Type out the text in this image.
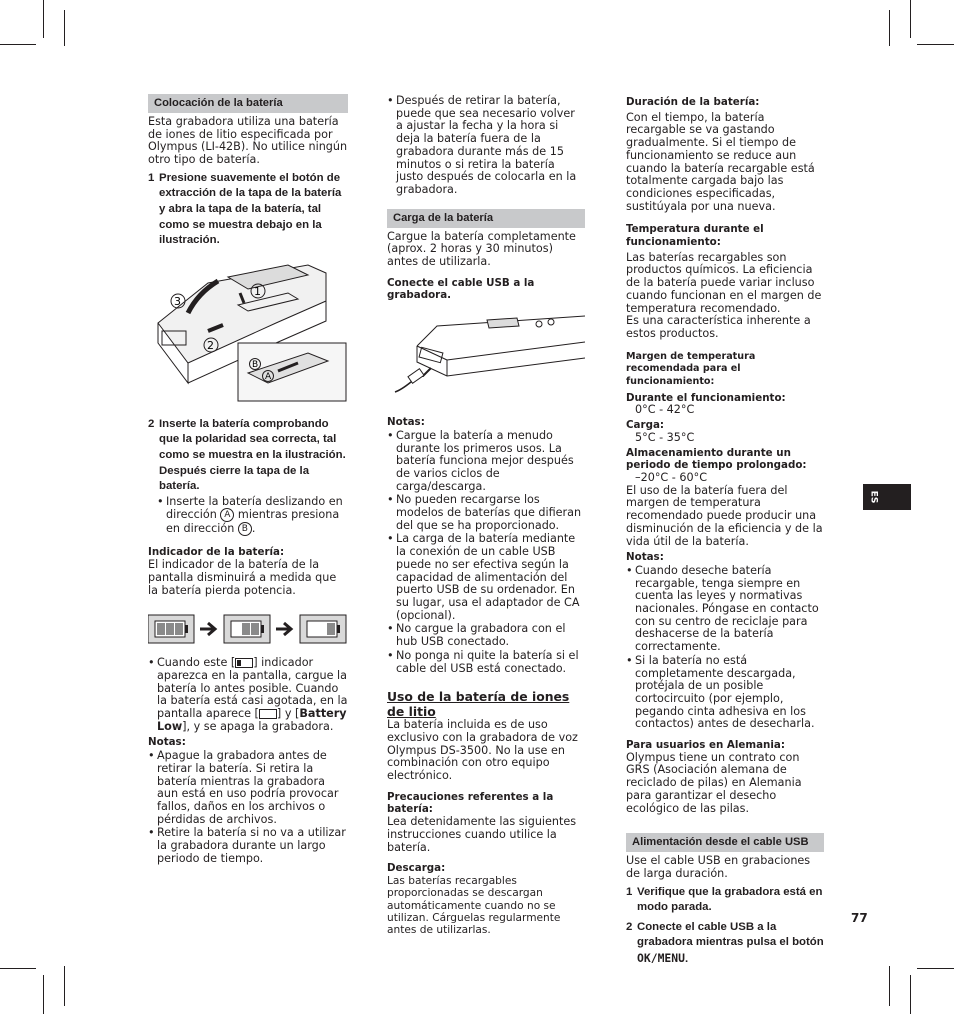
Colocación de la batería

Esta grabadora utiliza una batería de iones de litio especificada por Olympus (LI-42B). No utilice ningún otro tipo de batería.

1 Presione suavemente el botón de extracción de la tapa de la batería y abra la tapa de la batería, tal como se muestra debajo en la ilustración.
3
1
2
B
A
2 Inserte la batería comprobando que la polaridad sea correcta, tal como se muestra en la ilustración. Después cierre la tapa de la batería.
• Inserte la batería deslizando en dirección A mientras presiona en dirección B .
Indicador de la batería:

El indicador de la batería de la pantalla disminuirá a medida que la batería pierda potencia.

• Cuando este [ ] indicador aparezca en la pantalla, cargue la batería lo antes posible. Cuando la batería está casi agotada, en la pantalla aparece [ ] y [Battery Low], y se apaga la grabadora.
Notas:
• Apague la grabadora antes de retirar la batería. Si retira la batería mientras la grabadora aun está en uso podría provocar fallos, daños en los archivos o pérdidas de archivos.
• Retire la batería si no va a utilizar la grabadora durante un largo periodo de tiempo.
• Después de retirar la batería, puede que sea necesario volver a ajustar la fecha y la hora si deja la batería fuera de la grabadora durante más de 15 minutos o si retira la batería justo después de colocarla en la grabadora.
Carga de la batería

Cargue la batería completamente (aprox. 2 horas y 30 minutos) antes de utilizarla.

Conecte el cable USB a la grabadora.
Notas:
• Cargue la batería a menudo durante los primeros usos. La batería funciona mejor después de varios ciclos de carga/descarga.
• No pueden recargarse los modelos de baterías que difieran del que se ha proporcionado.
• La carga de la batería mediante la conexión de un cable USB puede no ser efectiva según la capacidad de alimentación del puerto USB de su ordenador. En su lugar, usa el adaptador de CA (opcional).
• No cargue la grabadora con el hub USB conectado.
• No ponga ni quite la batería si el cable del USB está conectado.
Uso de la batería de iones de litio

La batería incluida es de uso exclusivo con la grabadora de voz Olympus DS-3500. No la use en combinación con otro equipo electrónico.

Precauciones referentes a la batería:

Lea detenidamente las siguientes instrucciones cuando utilice la batería.

Descarga:

Las baterías recargables proporcionadas se descargan automáticamente cuando no se utilizan. Cárguelas regularmente antes de utilizarlas.

Duración de la batería:

Con el tiempo, la batería recargable se va gastando gradualmente. Si el tiempo de funcionamiento se reduce aun cuando la batería recargable está totalmente cargada bajo las condiciones especificadas, sustitúyala por una nueva.

Temperatura durante el funcionamiento:

Las baterías recargables son productos químicos. La eficiencia de la batería puede variar incluso cuando funcionan en el margen de temperatura recomendado.

Es una característica inherente a estos productos.

Margen de temperatura recomendada para el funcionamiento:
Durante el funcionamiento:

0°C - 42°C

Carga:

5°C - 35°C

Almacenamiento durante un periodo de tiempo prolongado:

–20°C - 60°C

El uso de la batería fuera del margen de temperatura recomendado puede producir una disminución de la eficiencia y de la vida útil de la batería.

Notas:
• Cuando deseche batería recargable, tenga siempre en cuenta las leyes y normativas nacionales. Póngase en contacto con su centro de reciclaje para deshacerse de la batería correctamente.
• Si la batería no está completamente descargada, protéjala de un posible cortocircuito (por ejemplo, pegando cinta adhesiva en los contactos) antes de desecharla.
Para usuarios en Alemania:

Olympus tiene un contrato con GRS (Asociación alemana de reciclado de pilas) en Alemania para garantizar el desecho ecológico de las pilas.

Alimentación desde el cable USB

Use el cable USB en grabaciones de larga duración.

1 Verifique que la grabadora está en modo parada.
2 Conecte el cable USB a la grabadora mientras pulsa el botón OK/MENU.
ES
77
